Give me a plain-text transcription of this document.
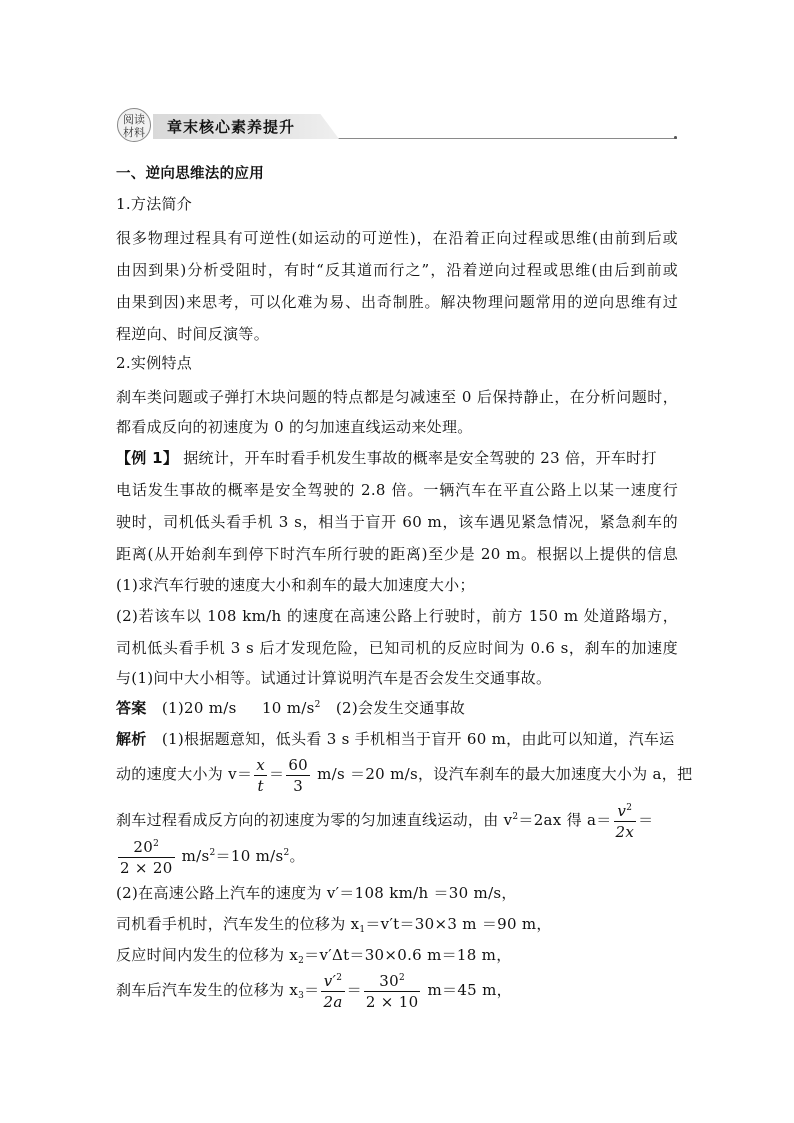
阅读
材料	章末核心素养提升
一、逆向思维法的应用
1.方法简介
很多物理过程具有可逆性(如运动的可逆性)，在沿着正向过程或思维(由前到后或
由因到果)分析受阻时，有时“反其道而行之”，沿着逆向过程或思维(由后到前或
由果到因)来思考，可以化难为易、出奇制胜。解决物理问题常用的逆向思维有过
程逆向、时间反演等。
2.实例特点
刹车类问题或子弹打木块问题的特点都是匀减速至 0 后保持静止，在分析问题时，
都看成反向的初速度为 0 的匀加速直线运动来处理。
【例 1】 据统计，开车时看手机发生事故的概率是安全驾驶的 23 倍，开车时打
电话发生事故的概率是安全驾驶的 2.8 倍。一辆汽车在平直公路上以某一速度行
驶时，司机低头看手机 3 s，相当于盲开 60 m，该车遇见紧急情况，紧急刹车的
距离(从开始刹车到停下时汽车所行驶的距离)至少是 20 m。根据以上提供的信息
(1)求汽车行驶的速度大小和刹车的最大加速度大小；
(2)若该车以 108 km/h 的速度在高速公路上行驶时，前方 150 m 处道路塌方，
司机低头看手机 3 s 后才发现危险，已知司机的反应时间为 0.6 s，刹车的加速度
与(1)问中大小相等。试通过计算说明汽车是否会发生交通事故。
答案 (1)20 m/s 10 $m/s^2$ (2)会发生交通事故
解析 (1)根据题意知，低头看 3 s 手机相当于盲开 60 m，由此可以知道，汽车运
动的速度大小为 $v= \frac{x}{t} = \frac{60}{3} m/s =20$ m/s，设汽车刹车的最大加速度大小为 a，把
刹车过程看成反方向的初速度为零的匀加速直线运动，由 $v^2=2ax$ 得 $a= \frac{v^2}{2x}$ ＝
$\frac{20^2}{2 \times 20} m/s^2=10$ $m/s^2$。
(2)在高速公路上汽车的速度为 v′＝108 km/h ＝30 m/s，
司机看手机时，汽车发生的位移为 $x_1=v't=30\times 3$ m ＝90 m，
反应时间内发生的位移为 $x_2=v'\Delta t=30\times 0.6$ m＝18 m，
刹车后汽车发生的位移为 $x_3= \frac{v'^2}{2a} = \frac{30^2}{2 \times 10} m=45$ m，
